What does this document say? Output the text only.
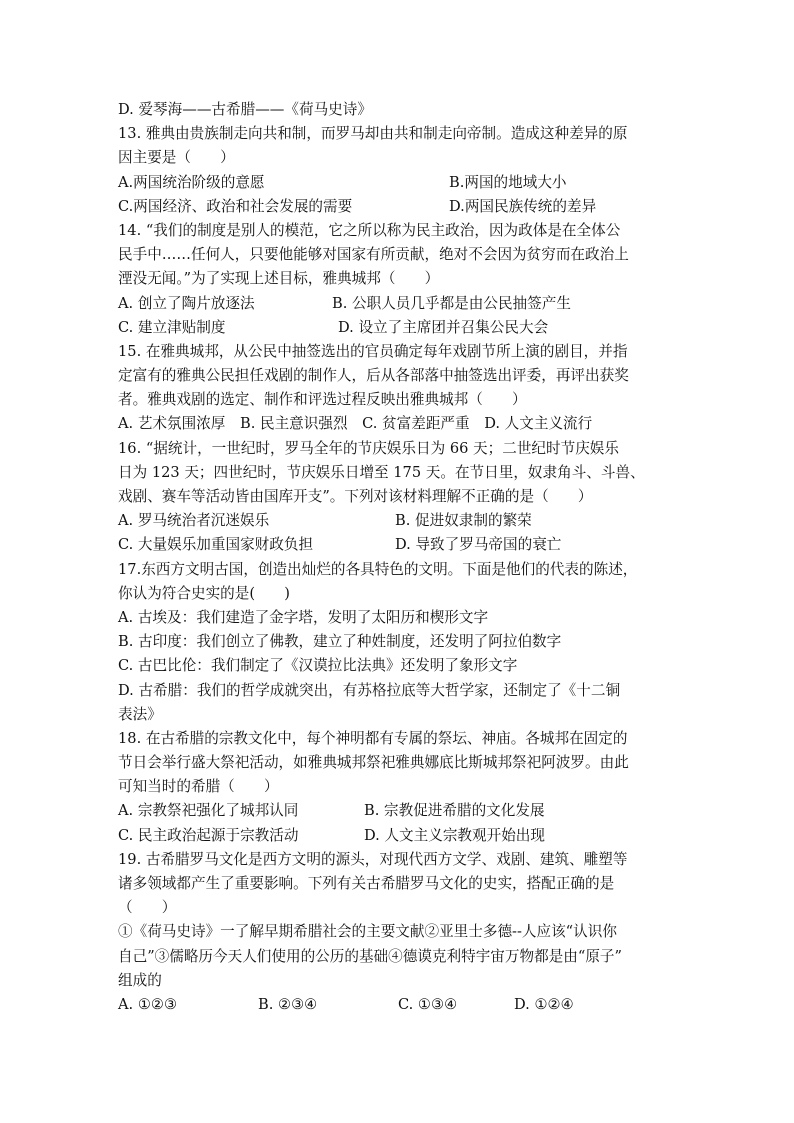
D. 爱琴海——古希腊——《荷马史诗》
13. 雅典由贵族制走向共和制，而罗马却由共和制走向帝制。造成这种差异的原
因主要是（　　）
A.两国统治阶级的意愿	B.两国的地域大小
C.两国经济、政治和社会发展的需要	D.两国民族传统的差异
14. “我们的制度是别人的模范，它之所以称为民主政治，因为政体是在全体公
民手中……任何人，只要他能够对国家有所贡献，绝对不会因为贫穷而在政治上
湮没无闻。”为了实现上述目标，雅典城邦（　　）
A. 创立了陶片放逐法	B. 公职人员几乎都是由公民抽签产生
C. 建立津贴制度	D. 设立了主席团并召集公民大会
15. 在雅典城邦，从公民中抽签选出的官员确定每年戏剧节所上演的剧目，并指
定富有的雅典公民担任戏剧的制作人，后从各部落中抽签选出评委，再评出获奖
者。雅典戏剧的选定、制作和评选过程反映出雅典城邦（　　）
A. 艺术氛围浓厚　B. 民主意识强烈　C. 贫富差距严重　D. 人文主义流行
16. “据统计，一世纪时，罗马全年的节庆娱乐日为 66 天；二世纪时节庆娱乐
日为 123 天；四世纪时，节庆娱乐日增至 175 天。在节日里，奴隶角斗、斗兽、
戏剧、赛车等活动皆由国库开支”。下列对该材料理解不正确的是（　　）
A. 罗马统治者沉迷娱乐	B. 促进奴隶制的繁荣
C. 大量娱乐加重国家财政负担	D. 导致了罗马帝国的衰亡
17.东西方文明古国，创造出灿烂的各具特色的文明。下面是他们的代表的陈述，
你认为符合史实的是(　　)
A. 古埃及：我们建造了金字塔，发明了太阳历和楔形文字
B. 古印度：我们创立了佛教，建立了种姓制度，还发明了阿拉伯数字
C. 古巴比伦：我们制定了《汉谟拉比法典》还发明了象形文字
D. 古希腊：我们的哲学成就突出，有苏格拉底等大哲学家，还制定了《十二铜
表法》
18. 在古希腊的宗教文化中，每个神明都有专属的祭坛、神庙。各城邦在固定的
节日会举行盛大祭祀活动，如雅典城邦祭祀雅典娜底比斯城邦祭祀阿波罗。由此
可知当时的希腊（　　）
A. 宗教祭祀强化了城邦认同	B. 宗教促进希腊的文化发展
C. 民主政治起源于宗教活动	D. 人文主义宗教观开始出现
19. 古希腊罗马文化是西方文明的源头，对现代西方文学、戏剧、建筑、雕塑等
诸多领域都产生了重要影响。下列有关古希腊罗马文化的史实，搭配正确的是
（　　）
①《荷马史诗》一了解早期希腊社会的主要文献②亚里士多德--人应该“认识你
自己”③儒略历今天人们使用的公历的基础④德谟克利特宇宙万物都是由“原子”
组成的
A. ①②③	B. ②③④	C. ①③④	D. ①②④
